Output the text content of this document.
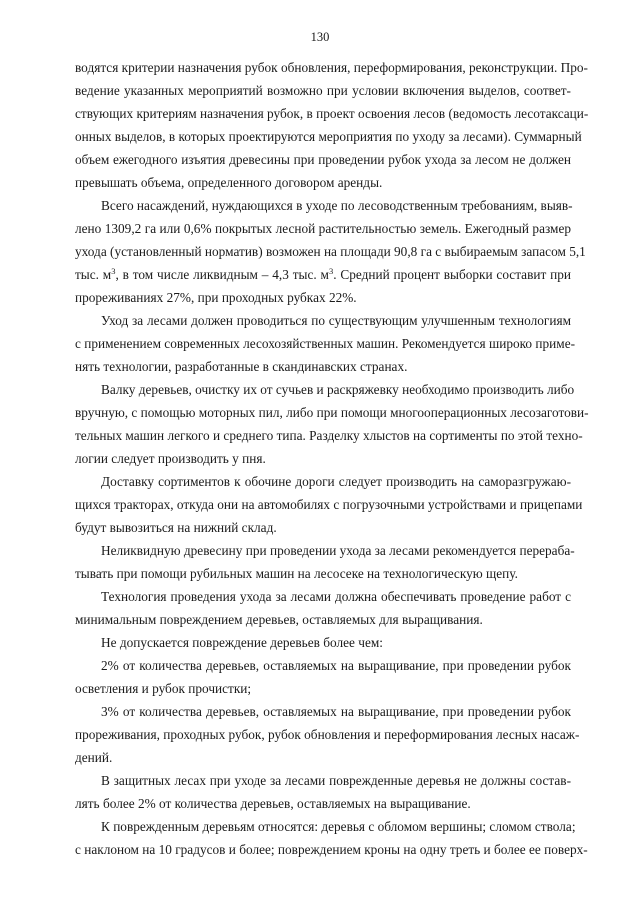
130
водятся критерии назначения рубок обновления, переформирования, реконструкции. Про-
ведение указанных мероприятий возможно при условии включения выделов, соответ-
ствующих критериям назначения рубок, в проект освоения лесов (ведомость лесотаксаци-
онных выделов, в которых проектируются мероприятия по уходу за лесами). Суммарный
объем ежегодного изъятия древесины при проведении рубок ухода за лесом не должен
превышать объема, определенного договором аренды.
Всего насаждений, нуждающихся в уходе по лесоводственным требованиям, выяв-
лено 1309,2 га или 0,6% покрытых лесной растительностью земель. Ежегодный размер
ухода (установленный норматив) возможен на площади 90,8 га с выбираемым запасом 5,1
тыс. $м^3$, в том числе ликвидным – 4,3 тыс. $м^3$. Средний процент выборки составит при
прореживаниях 27%, при проходных рубках 22%.
Уход за лесами должен проводиться по существующим улучшенным технологиям
с применением современных лесохозяйственных машин. Рекомендуется широко приме-
нять технологии, разработанные в скандинавских странах.
Валку деревьев, очистку их от сучьев и раскряжевку необходимо производить либо
вручную, с помощью моторных пил, либо при помощи многооперационных лесозаготови-
тельных машин легкого и среднего типа. Разделку хлыстов на сортименты по этой техно-
логии следует производить у пня.
Доставку сортиментов к обочине дороги следует производить на саморазгружаю-
щихся тракторах, откуда они на автомобилях с погрузочными устройствами и прицепами
будут вывозиться на нижний склад.
Неликвидную древесину при проведении ухода за лесами рекомендуется перераба-
тывать при помощи рубильных машин на лесосеке на технологическую щепу.
Технология проведения ухода за лесами должна обеспечивать проведение работ с
минимальным повреждением деревьев, оставляемых для выращивания.
Не допускается повреждение деревьев более чем:
2% от количества деревьев, оставляемых на выращивание, при проведении рубок
осветления и рубок прочистки;
3% от количества деревьев, оставляемых на выращивание, при проведении рубок
прореживания, проходных рубок, рубок обновления и переформирования лесных насаж-
дений.
В защитных лесах при уходе за лесами поврежденные деревья не должны состав-
лять более 2% от количества деревьев, оставляемых на выращивание.
К поврежденным деревьям относятся: деревья с обломом вершины; сломом ствола;
с наклоном на 10 градусов и более; повреждением кроны на одну треть и более ее поверх-
